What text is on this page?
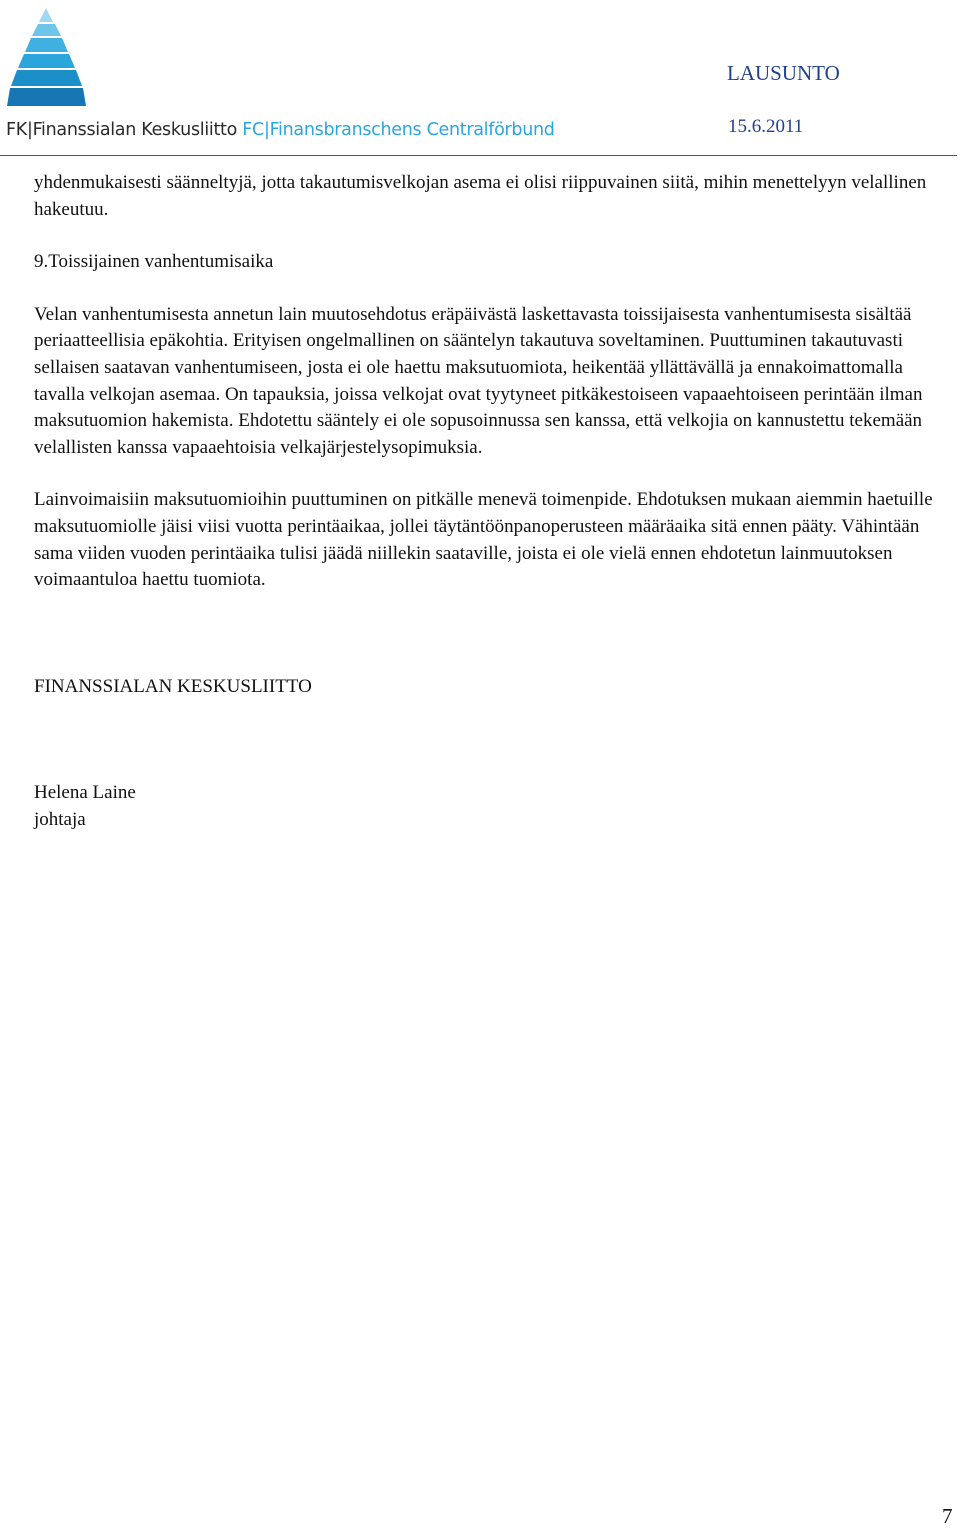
FK|Finanssialan Keskusliitto FC|Finansbranschens Centralförbund
LAUSUNTO
15.6.2011

yhdenmukaisesti säänneltyjä, jotta takautumisvelkojan asema ei olisi riippuvainen siitä, mihin menettelyyn velallinen hakeutuu.

9.Toissijainen vanhentumisaika

Velan vanhentumisesta annetun lain muutosehdotus eräpäivästä laskettavasta toissijaisesta vanhentumisesta sisältää periaatteellisia epäkohtia. Erityisen ongelmallinen on sääntelyn takautuva soveltaminen. Puuttuminen takautuvasti sellaisen saatavan vanhentumiseen, josta ei ole haettu maksutuomiota, heikentää yllättävällä ja ennakoimattomalla tavalla velkojan asemaa. On tapauksia, joissa velkojat ovat tyytyneet pitkäkestoiseen vapaaehtoiseen perintään ilman maksutuomion hakemista. Ehdotettu sääntely ei ole sopusoinnussa sen kanssa, että velkojia on kannustettu tekemään velallisten kanssa vapaaehtoisia velkajärjestelysopimuksia.

Lainvoimaisiin maksutuomioihin puuttuminen on pitkälle menevä toimenpide. Ehdotuksen mukaan aiemmin haetuille maksutuomiolle jäisi viisi vuotta perintäaikaa, jollei täytäntöönpanoperusteen määräaika sitä ennen pääty. Vähintään sama viiden vuoden perintäaika tulisi jäädä niillekin saataville, joista ei ole vielä ennen ehdotetun lainmuutoksen voimaantuloa haettu tuomiota.

FINANSSIALAN KESKUSLIITTO

Helena Laine

johtaja

7
